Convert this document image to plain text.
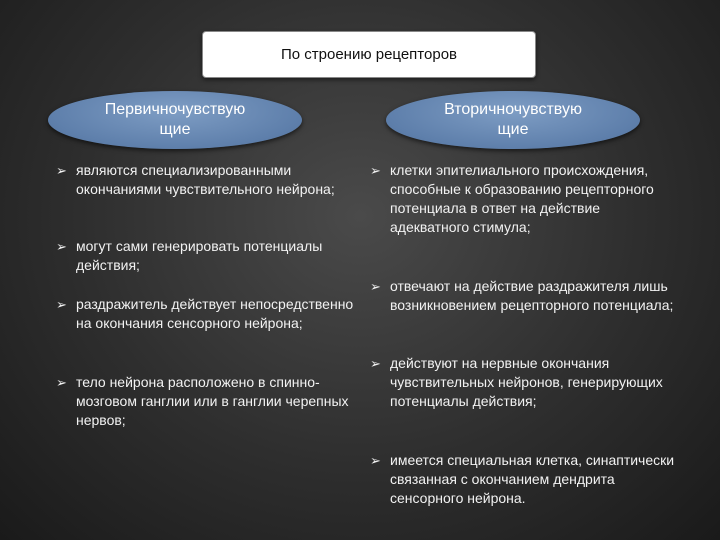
По строению рецепторов
Первичночувствую щие
Вторичночувствую щие
➢ являются специализированными окончаниями чувствительного нейрона;
➢ могут сами генерировать потенциалы действия;
➢ раздражитель действует непосредственно на окончания сенсорного нейрона;
➢ тело нейрона расположено в спинно-мозговом ганглии или в ганглии черепных нервов;
➢ клетки эпителиального происхождения, способные к образованию рецепторного потенциала в ответ на действие адекватного стимула;
➢ отвечают на действие раздражителя лишь возникновением рецепторного потенциала;
➢ действуют на нервные окончания чувствительных нейронов, генерирующих потенциалы действия;
➢ имеется специальная клетка, синаптически связанная с окончанием дендрита сенсорного нейрона.
